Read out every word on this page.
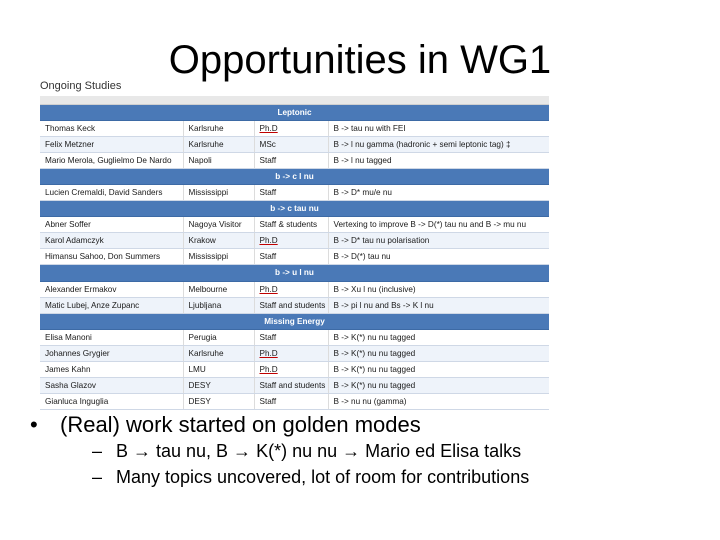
Opportunities in WG1
Ongoing Studies
Leptonic			
Thomas Keck	Karlsruhe	Ph.D	B -> tau nu with FEI
Felix Metzner	Karlsruhe	MSc	B -> l nu gamma (hadronic + semi leptonic tag) ‡
Mario Merola, Guglielmo De Nardo	Napoli	Staff	B -> l nu tagged
b -> c l nu			
Lucien Cremaldi, David Sanders	Mississippi	Staff	B -> D* mu/e nu
b -> c tau nu			
Abner Soffer	Nagoya Visitor	Staff & students	Vertexing to improve B -> D(*) tau nu and B -> mu nu
Karol Adamczyk	Krakow	Ph.D	B -> D* tau nu polarisation
Himansu Sahoo, Don Summers	Mississippi	Staff	B -> D(*) tau nu
b -> u l nu			
Alexander Ermakov	Melbourne	Ph.D	B -> Xu l nu (inclusive)
Matic Lubej, Anze Zupanc	Ljubljana	Staff and students	B -> pi l nu and Bs -> K l nu
Missing Energy			
Elisa Manoni	Perugia	Staff	B -> K(*) nu nu tagged
Johannes Grygier	Karlsruhe	Ph.D	B -> K(*) nu nu tagged
James Kahn	LMU	Ph.D	B -> K(*) nu nu tagged
Sasha Glazov	DESY	Staff and students	B -> K(*) nu nu tagged
Gianluca Inguglia	DESY	Staff	B -> nu nu (gamma)
• (Real) work started on golden modes
– B → tau nu, B → K(*) nu nu → Mario ed Elisa talks
– Many topics uncovered, lot of room for contributions
